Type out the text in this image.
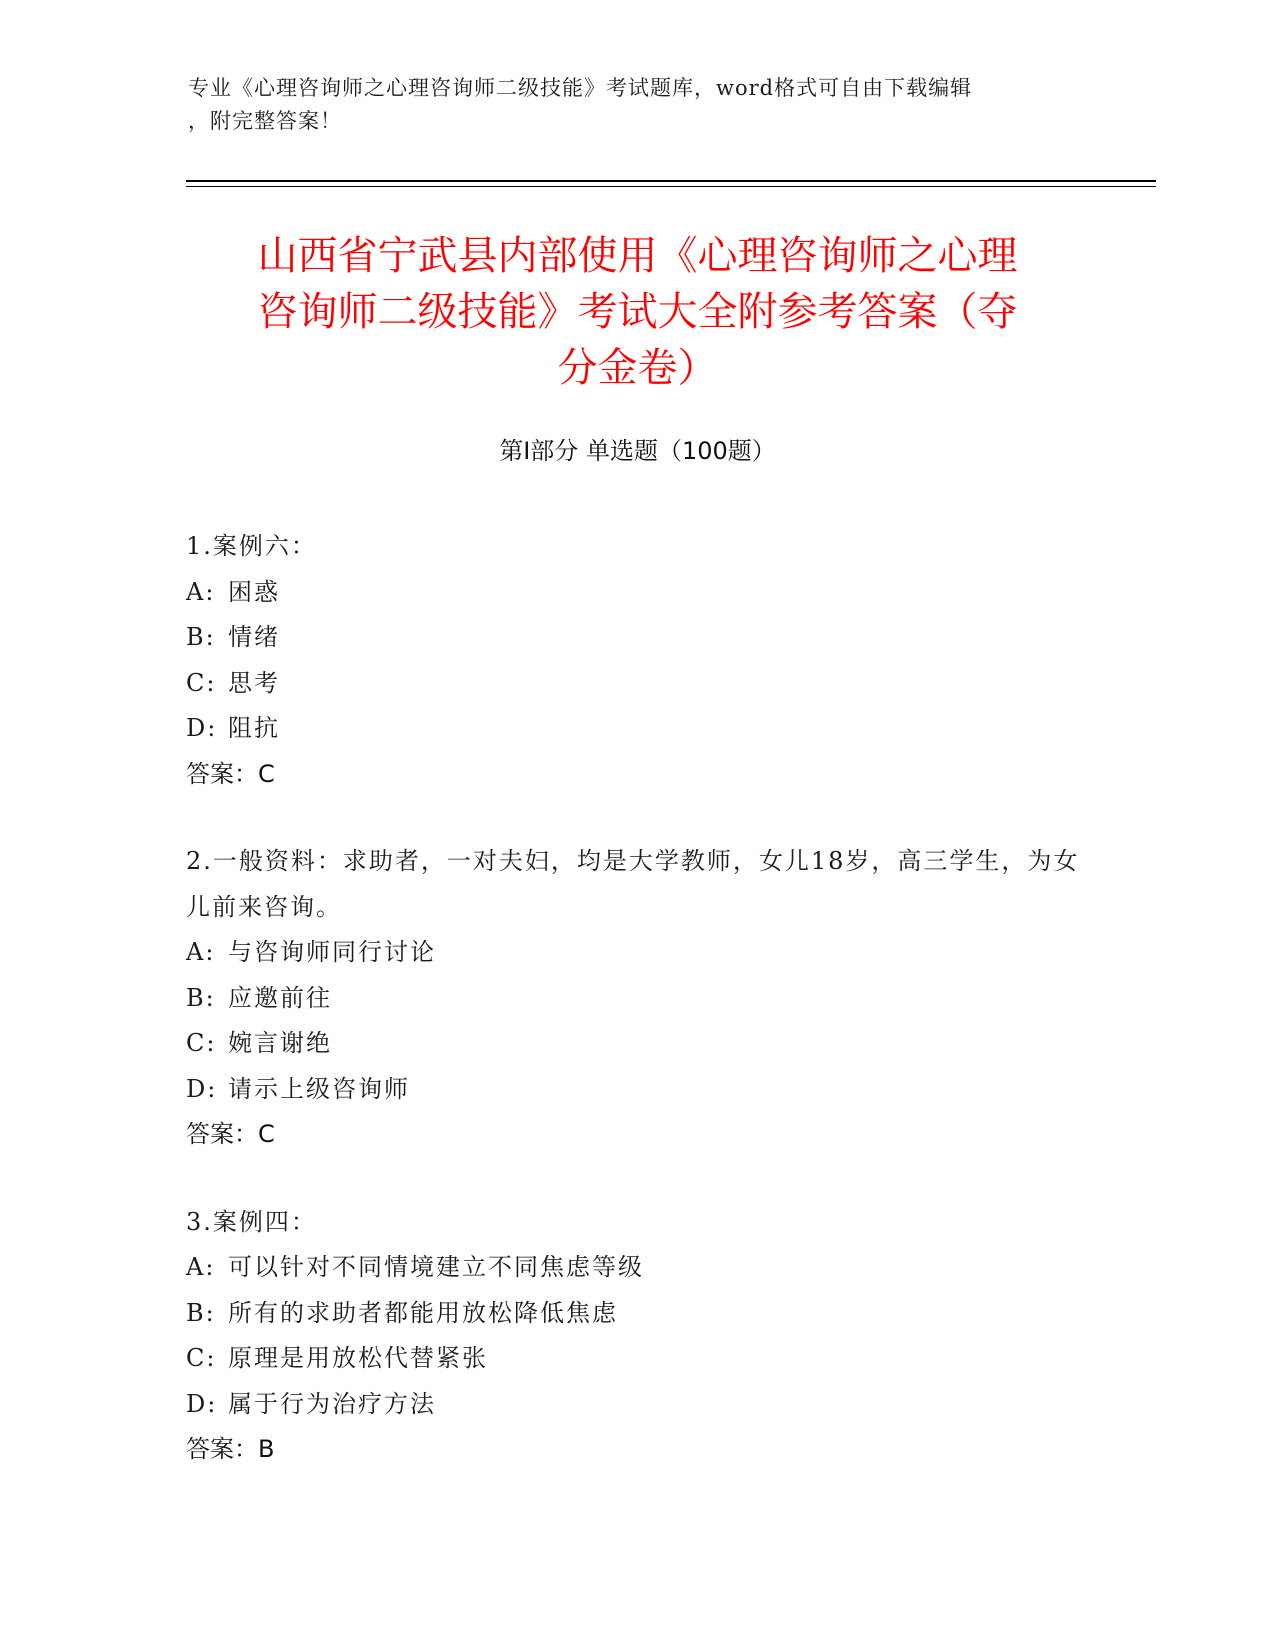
专业《心理咨询师之心理咨询师二级技能》考试题库，word格式可自由下载编辑
，附完整答案！
山西省宁武县内部使用《心理咨询师之心理
咨询师二级技能》考试大全附参考答案（夺
分金卷）
第Ⅰ部分 单选题（100题）
1.案例六：
A: 困惑
B: 情绪
C: 思考
D: 阻抗
答案：C
2.一般资料：求助者，一对夫妇，均是大学教师，女儿18岁，高三学生，为女儿前来咨询。
A: 与咨询师同行讨论
B: 应邀前往
C: 婉言谢绝
D: 请示上级咨询师
答案：C
3.案例四：
A: 可以针对不同情境建立不同焦虑等级
B: 所有的求助者都能用放松降低焦虑
C: 原理是用放松代替紧张
D: 属于行为治疗方法
答案：B
